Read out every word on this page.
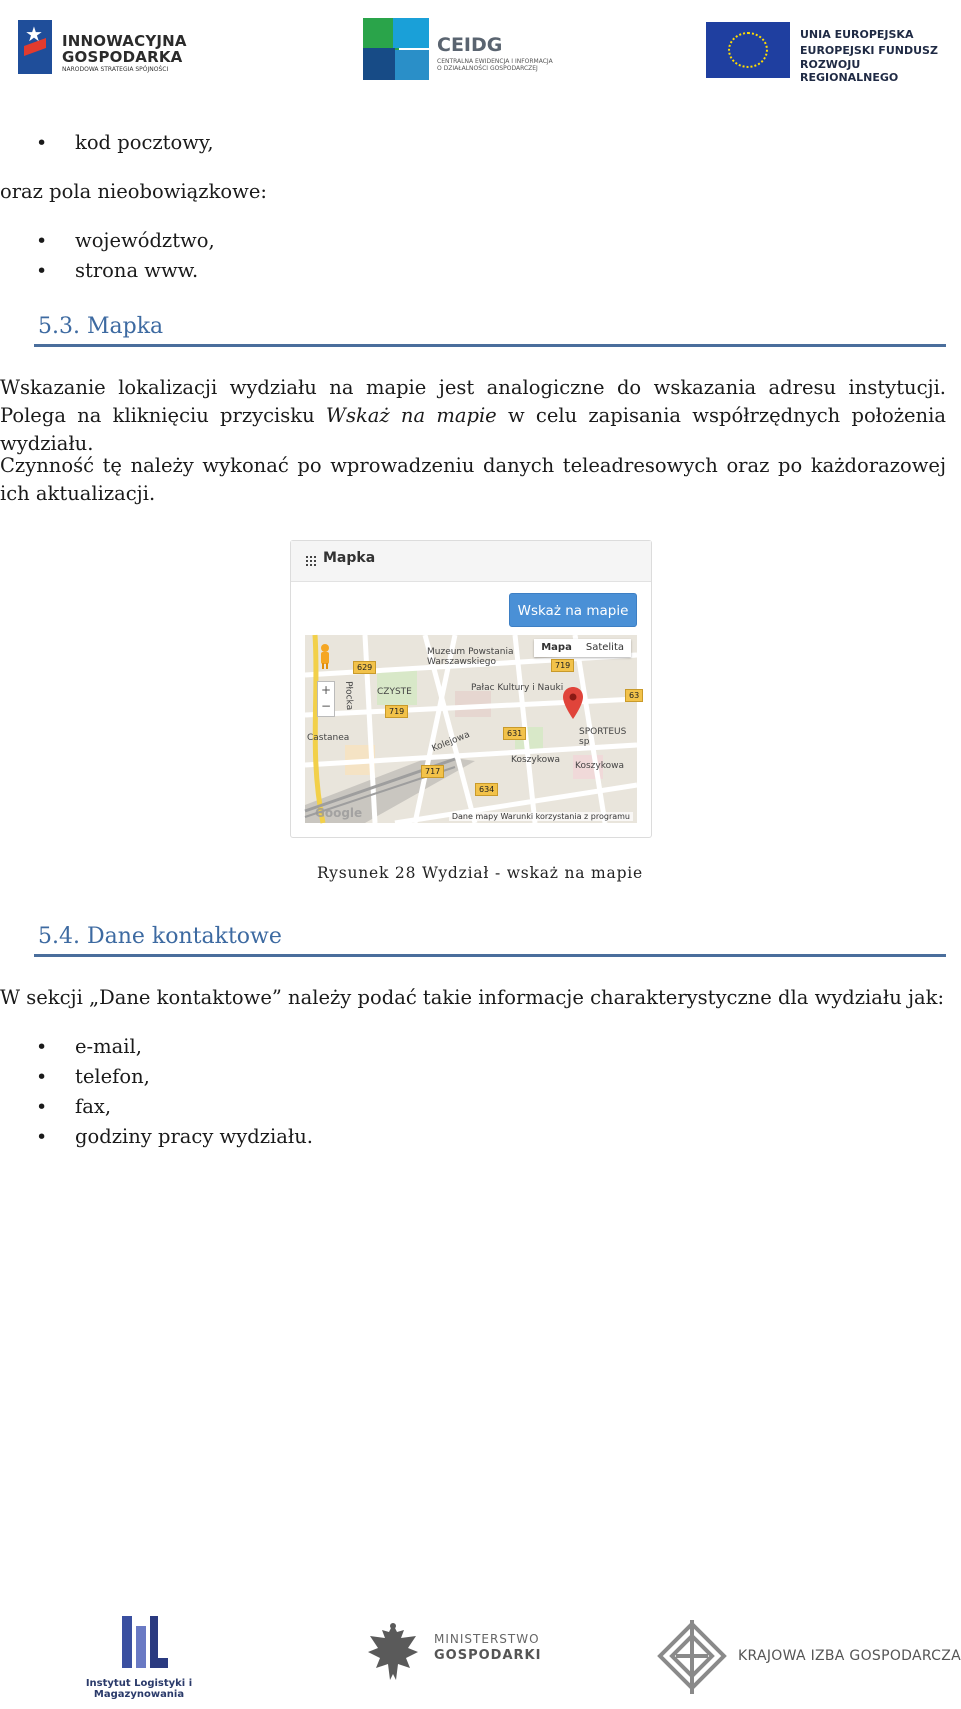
★
INNOWACYJNA
GOSPODARKA
NARODOWA STRATEGIA SPÓJNOŚCI
CEIDG
CENTRALNA EWIDENCJA I INFORMACJA O DZIAŁALNOŚCI GOSPODARCZEJ
UNIA EUROPEJSKA
EUROPEJSKI FUNDUSZ
ROZWOJU REGIONALNEGO
• kod pocztowy,
oraz pola nieobowiązkowe:
• województwo,
• strona www.
5.3. Mapka
Wskazanie lokalizacji wydziału na mapie jest analogiczne do wskazania adresu instytucji. Polega na kliknięciu przycisku Wskaż na mapie w celu zapisania współrzędnych położenia wydziału.
Czynność tę należy wykonać po wprowadzeniu danych teleadresowych oraz po każdorazowej ich aktualizacji.
Mapka
Wskaż na mapie
+
−
Mapa	Satelita
Muzeum Powstania Warszawskiego
Pałac Kultury i Nauki
CZYSTE
Płocka
Castanea	Kolejowa
Koszykowa
Koszykowa
SPORTEUS sp
629	719
719
631
717
634
63
Google	Dane mapy Warunki korzystania z programu
Rysunek 28 Wydział - wskaż na mapie
5.4. Dane kontaktowe
W sekcji „Dane kontaktowe” należy podać takie informacje charakterystyczne dla wydziału jak:
• e-mail,
• telefon,
• fax,
• godziny pracy wydziału.
Instytut Logistyki i Magazynowania
MINISTERSTWO
GOSPODARKI	KRAJOWA IZBA GOSPODARCZA
